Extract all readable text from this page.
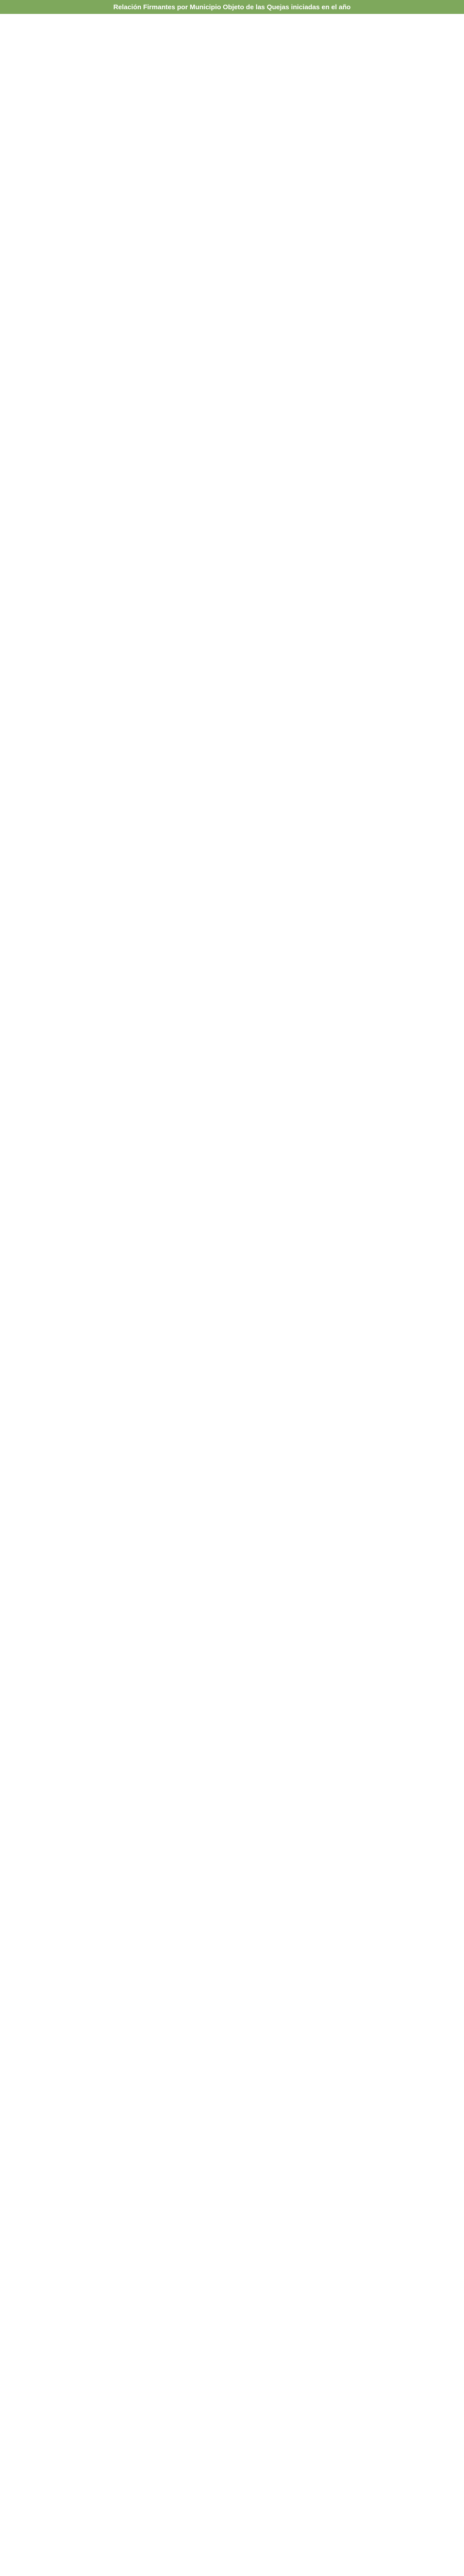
Relación Firmantes por Municipio Objeto de las Quejas iniciadas en el año
